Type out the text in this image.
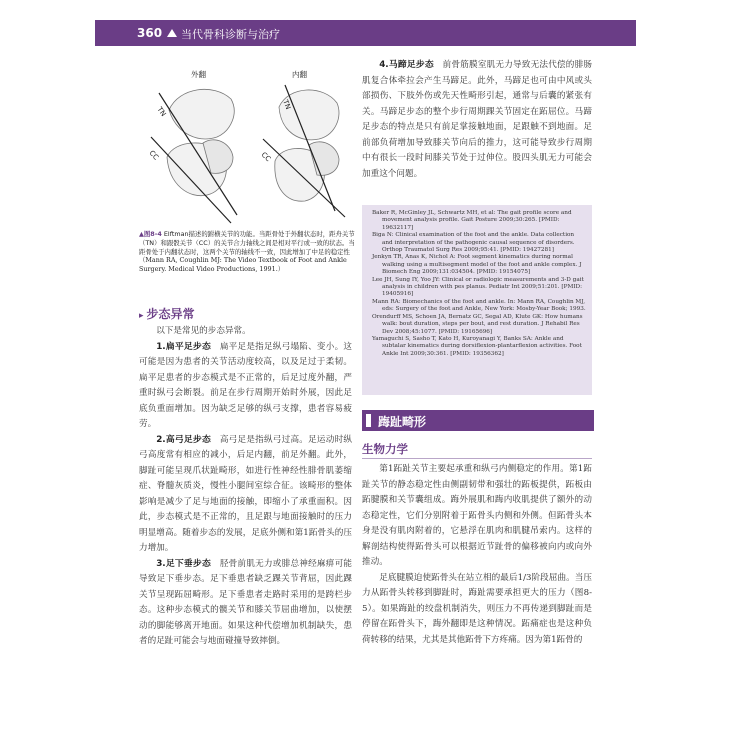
360 当代骨科诊断与治疗
外翻	内翻
TN
CC
TN
CC
▲图8-4 Elftman描述的跗横关节的功能。当距骨处于外翻状态时，距舟关节（TN）和跟骰关节（CC）的关节合力轴线之间是相对平行或一致的状态。当距骨处于内翻状态时，这两个关节的轴线不一致，因此增加了中足的稳定性
（Mann RA, Coughlin MJ: The Video Textbook of Foot and Ankle Surgery. Medical Video Productions, 1991.）
▸ 步态异常

以下是常见的步态异常。

1.扁平足步态　扁平足是指足纵弓塌陷、变小。这可能是因为患者的关节活动度较高，以及足过于柔韧。扁平足患者的步态模式是不正常的，后足过度外翻，严重时纵弓会断裂。前足在步行周期开始时外展，因此足底负重面增加。因为缺乏足够的纵弓支撑，患者容易疲劳。

2.高弓足步态　高弓足是指纵弓过高。足运动时纵弓高度常有相应的减小，后足内翻，前足外翻。此外，脚趾可能呈现爪状趾畸形，如进行性神经性腓骨肌萎缩症、脊髓灰质炎，慢性小腿间室综合征。该畸形的整体影响是减少了足与地面的接触，即缩小了承重面积。因此，步态模式是不正常的，且足跟与地面接触时的压力明显增高。随着步态的发展，足底外侧和第1跖骨头的压力增加。

3.足下垂步态　胫骨前肌无力或腓总神经麻痹可能导致足下垂步态。足下垂患者缺乏踝关节背屈，因此踝关节呈现跖屈畸形。足下垂患者走路时采用的是跨栏步态。这种步态模式的髋关节和膝关节屈曲增加，以使摆动的脚能够离开地面。如果这种代偿增加机制缺失，患者的足趾可能会与地面碰撞导致摔倒。

4.马蹄足步态　前骨筋膜室肌无力导致无法代偿的腓肠肌复合体牵拉会产生马蹄足。此外，马蹄足也可由中风或头部损伤、下肢外伤或先天性畸形引起，通常与后囊的紧张有关。马蹄足步态的整个步行周期踝关节固定在跖屈位。马蹄足步态的特点是只有前足掌接触地面，足跟触不到地面。足前部负荷增加导致膝关节向后的推力，这可能导致步行周期中有很长一段时间膝关节处于过伸位。股四头肌无力可能会加重这个问题。

Baker R, McGinley JL, Schwartz MH, et al: The gait profile score and movement analysis profile. Gait Posture 2009;30:265. [PMID: 19632117]

Biga N: Clinical examination of the foot and the ankle. Data collection and interpretation of the pathogenic causal sequence of disorders. Orthop Traumatol Surg Res 2009;95:41. [PMID: 19427281]

Jenkyn TR, Anas K, Nichol A: Foot segment kinematics during normal walking using a multisegment model of the foot and ankle complex. J Biomech Eng 2009;131:034504. [PMID: 19154075]

Lee JH, Sung IY, Yoo JY: Clinical or radiologic measurements and 3-D gait analysis in children with pes planus. Pediatr Int 2009;51:201. [PMID: 19405916]

Mann RA: Biomechanics of the foot and ankle. In: Mann RA, Coughlin MJ, eds: Surgery of the foot and Ankle, New York: Mosby-Year Book; 1993.

Orendurff MS, Schoen JA, Bernatz GC, Segal AD, Klute GK: How humans walk: bout duration, steps per bout, and rest duration. J Rehabil Res Dev 2008;45:1077. [PMID: 19165696]

Yamaguchi S, Sasho T, Kato H, Kuroyanagi Y, Banks SA: Ankle and subtalar kinematics during dorsiflexion-plantarflexion activities. Foot Ankle Int 2009;30:361. [PMID: 19356362]

踇趾畸形
生物力学

第1跖趾关节主要起承重和纵弓内侧稳定的作用。第1跖趾关节的静态稳定性由侧副韧带和强壮的跖板提供，跖板由跖腱膜和关节囊组成。踇外展肌和踇内收肌提供了额外的动态稳定性，它们分别附着于跖骨头内侧和外侧。但跖骨头本身是没有肌肉附着的，它悬浮在肌肉和肌腱吊索内。这样的解剖结构使得跖骨头可以根据近节趾骨的偏移被向内或向外推动。

足底腱膜迫使跖骨头在站立相的最后1/3阶段屈曲。当压力从跖骨头转移到脚趾时，踇趾需要承担更大的压力（图8-5）。如果踇趾的绞盘机制消失，则压力不再传递到脚趾而是停留在跖骨头下，踇外翻即是这种情况。跖痛症也是这种负荷转移的结果，尤其是其他跖骨下方疼痛。因为第1跖骨的
